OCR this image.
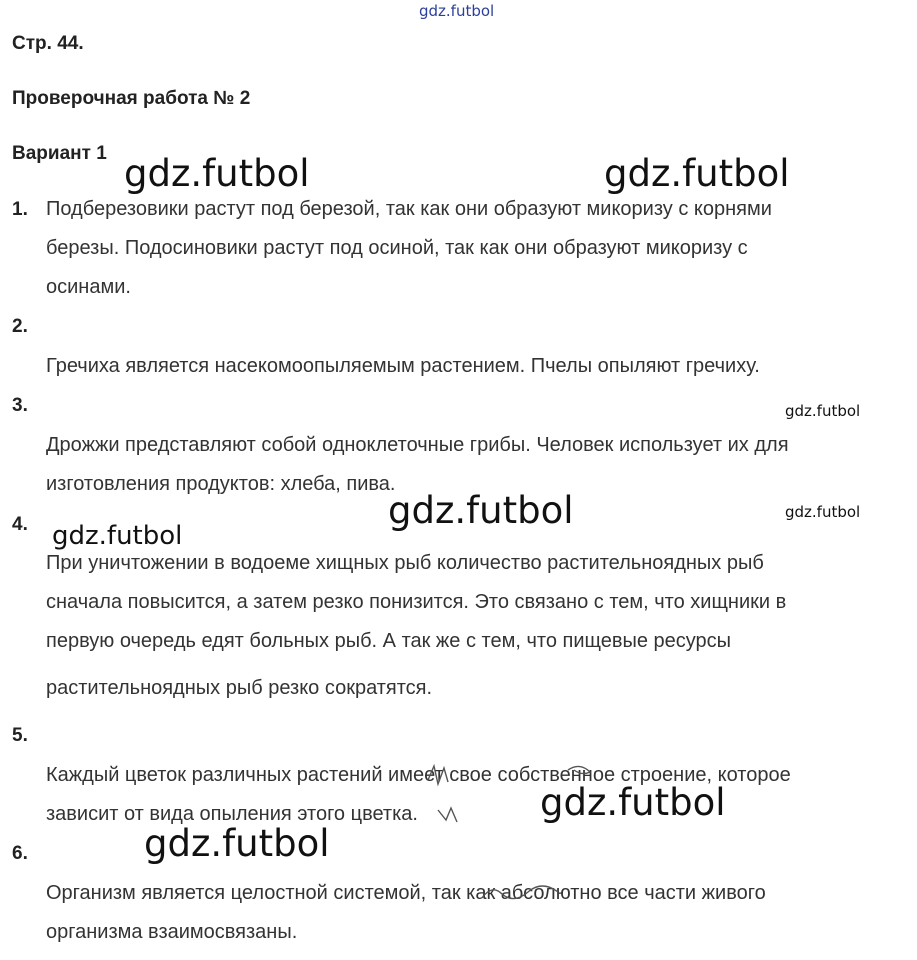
gdz.futbol
Стр. 44.
Проверочная работа № 2
Вариант 1
1. Подберезовики растут под березой, так как они образуют микоризу с корнями
березы. Подосиновики растут под осиной, так как они образуют микоризу с
осинами.
2.
Гречиха является насекомоопыляемым растением. Пчелы опыляют гречиху.
3.
Дрожжи представляют собой одноклеточные грибы. Человек использует их для
изготовления продуктов: хлеба, пива.
4.
При уничтожении в водоеме хищных рыб количество растительноядных рыб
сначала повысится, а затем резко понизится. Это связано с тем, что хищники в
первую очередь едят больных рыб. А так же с тем, что пищевые ресурсы
растительноядных рыб резко сократятся.
5.
Каждый цветок различных растений имеет свое собственное строение, которое
зависит от вида опыления этого цветка.
6.
Организм является целостной системой, так как абсолютно все части живого
организма взаимосвязаны.
gdz.futbol	gdz.futbol
gdz.futbol
gdz.futbol
gdz.futbol
gdz.futbol
gdz.futbol
gdz.futbol
